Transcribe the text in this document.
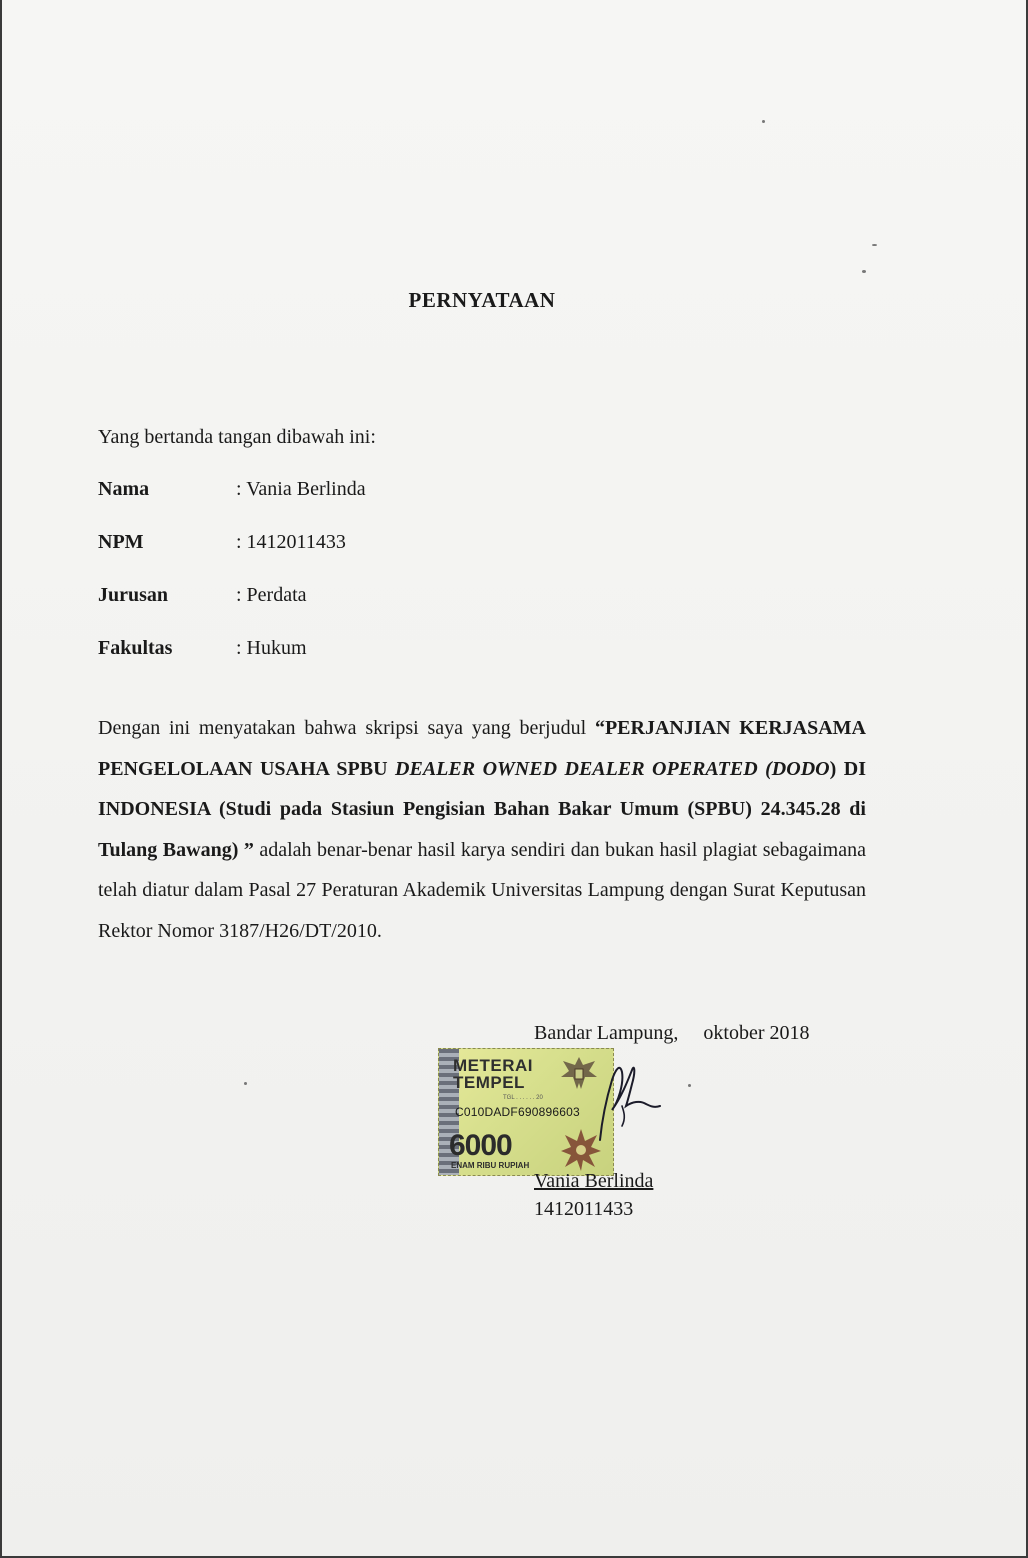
PERNYATAAN
Yang bertanda tangan dibawah ini:
Nama	: Vania Berlinda
NPM	: 1412011433
Jurusan	: Perdata
Fakultas	: Hukum
Dengan ini menyatakan bahwa skripsi saya yang berjudul “PERJANJIAN KERJASAMA PENGELOLAAN USAHA SPBU DEALER OWNED DEALER OPERATED (DODO) DI INDONESIA (Studi pada Stasiun Pengisian Bahan Bakar Umum (SPBU) 24.345.28 di Tulang Bawang) ” adalah benar-benar hasil karya sendiri dan bukan hasil plagiat sebagaimana telah diatur dalam Pasal 27 Peraturan Akademik Universitas Lampung dengan Surat Keputusan Rektor Nomor 3187/H26/DT/2010.
Bandar Lampung, oktober 2018
METERAI
TEMPEL
TGL . . . . . . 20
C010DADF690896603
6000
ENAM RIBU RUPIAH
Vania Berlinda
1412011433
